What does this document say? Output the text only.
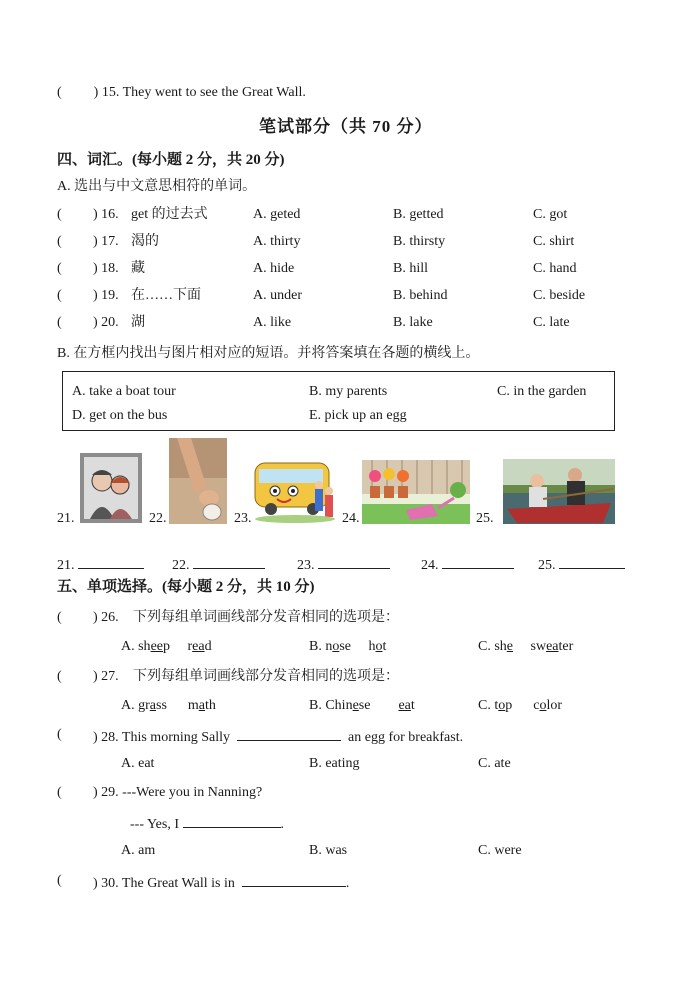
( ) 15. They went to see the Great Wall.
笔试部分（共 70 分）
四、词汇。(每小题 2 分，共 20 分)
A. 选出与中文意思相符的单词。
( ) 16. get 的过去式	A. geted	B. getted	C. got
( ) 17. 渴的	A. thirty	B. thirsty	C. shirt
( ) 18. 藏	A. hide	B. hill	C. hand
( ) 19. 在……下面	A. under	B. behind	C. beside
( ) 20. 湖	A. like	B. lake	C. late
B. 在方框内找出与图片相对应的短语。并将答案填在各题的横线上。
A. take a boat tour	B. my parents	C. in the garden
D. get on the bus	E. pick up an egg
21.	22.	23.	24.	25.
21.	22.	23.	24.	25.
五、单项选择。(每小题 2 分，共 10 分)
( ) 26. 下列每组单词画线部分发音相同的选项是：
A. sheep read	B. nose hot	C. she sweater
( ) 27. 下列每组单词画线部分发音相同的选项是：
A. grass math	B. Chinese eat	C. top color
( ) 28. This morning Sally	an egg for breakfast.
A. eat	B. eating	C. ate
( ) 29. ---Were you in Nanning?
--- Yes, I	.
A. am	B. was	C. were
( ) 30. The Great Wall is in	.
